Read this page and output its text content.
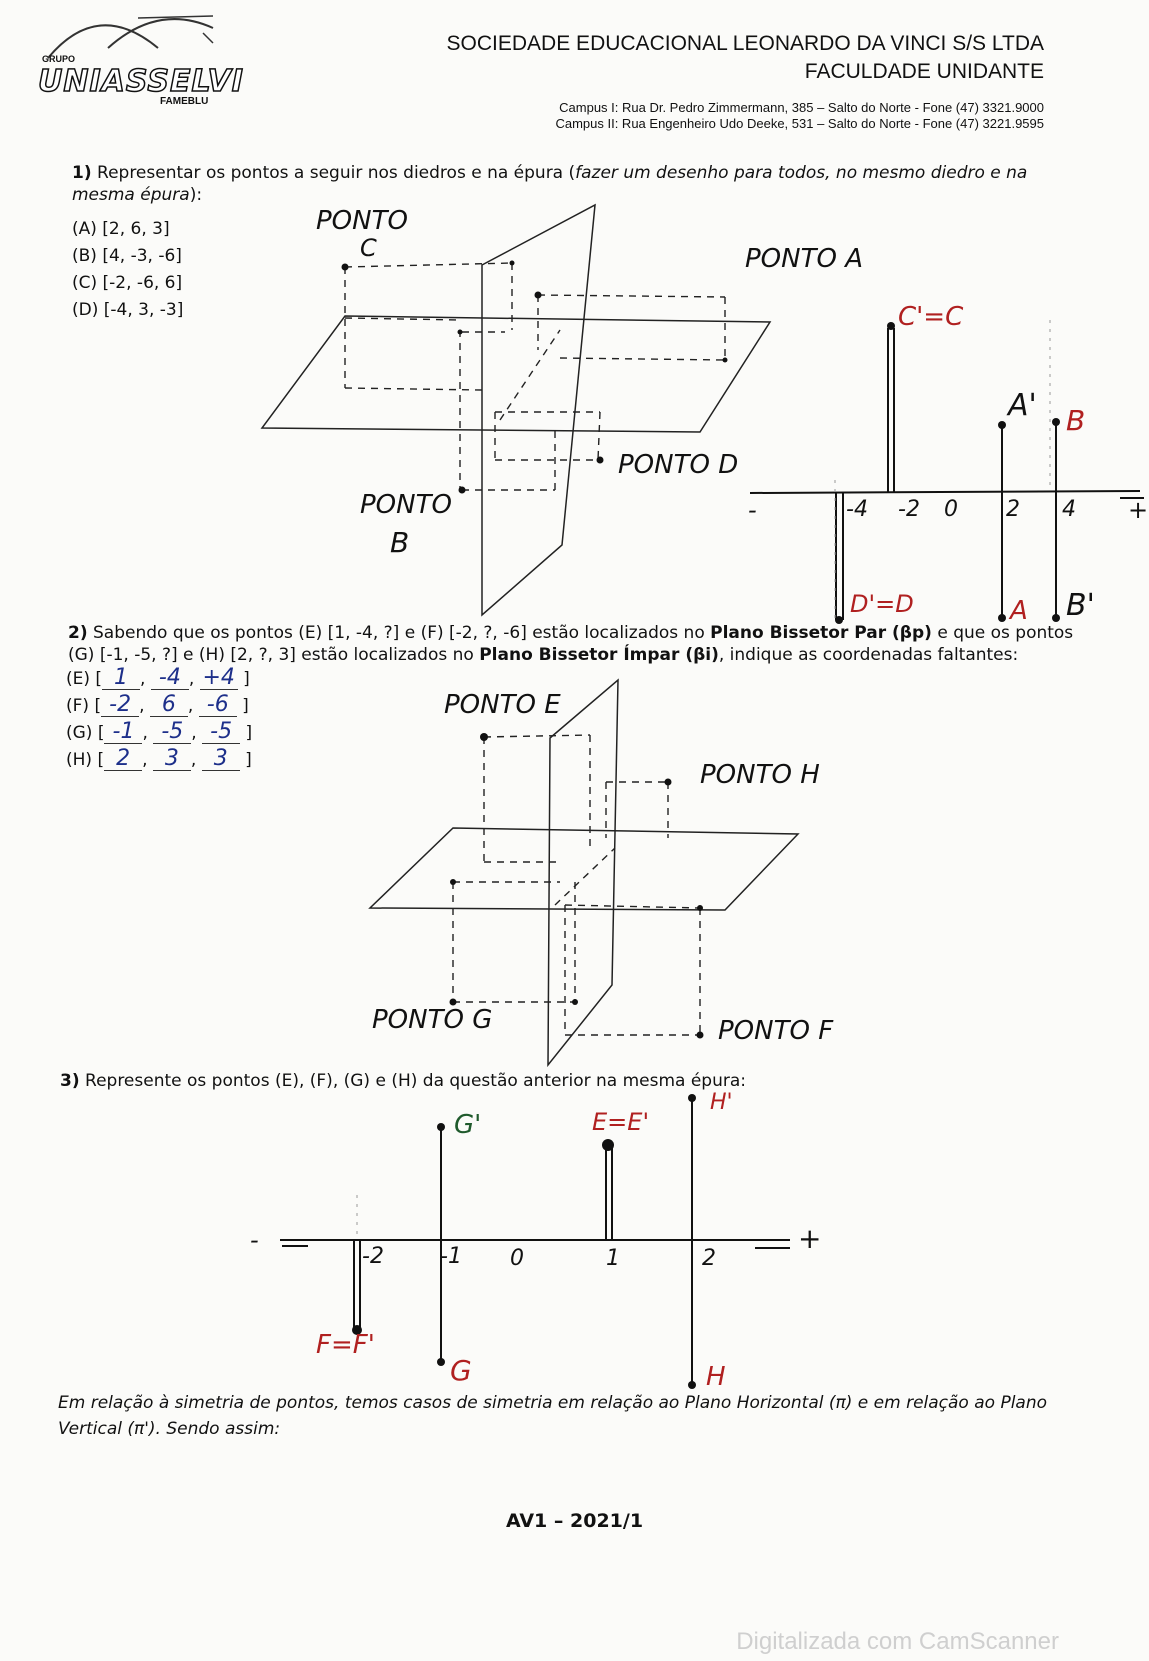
GRUPO
UNIASSELVI
FAMEBLU
SOCIEDADE EDUCACIONAL LEONARDO DA VINCI S/S LTDA
FACULDADE UNIDANTE
Campus I: Rua Dr. Pedro Zimmermann, 385 – Salto do Norte - Fone (47) 3321.9000
Campus II: Rua Engenheiro Udo Deeke, 531 – Salto do Norte - Fone (47) 3221.9595
1) Representar os pontos a seguir nos diedros e na épura (fazer um desenho para todos, no mesmo diedro e na mesma épura):
(A) [2, 6, 3]
(B) [4, -3, -6]
(C) [-2, -6, 6]
(D) [-4, 3, -3]
PONTO
C	PONTO A
PONTO
B
PONTO D
-	+
-4 -2 0 2 4
C'=C
A' B
D'=D	A B'
2) Sabendo que os pontos (E) [1, -4, ?] e (F) [-2, ?, -6] estão localizados no Plano Bissetor Par (βp) e que os pontos (G) [-1, -5, ?] e (H) [2, ?, 3] estão localizados no Plano Bissetor Ímpar (βi), indique as coordenadas faltantes:
(E) [ 1 , -4 , +4 ]
(F) [ -2 , 6 , -6 ]
(G) [ -1 , -5 , -5 ]
(H) [ 2 , 3 , 3 ]
PONTO E
PONTO H
PONTO G	PONTO F
3) Represente os pontos (E), (F), (G) e (H) da questão anterior na mesma épura:
-	+
-2	-1 0	1	2
G'	E=E'
H'
F=F'
G	H
Em relação à simetria de pontos, temos casos de simetria em relação ao Plano Horizontal (π) e em relação ao Plano Vertical (π'). Sendo assim:
AV1 – 2021/1
Digitalizada com CamScanner
